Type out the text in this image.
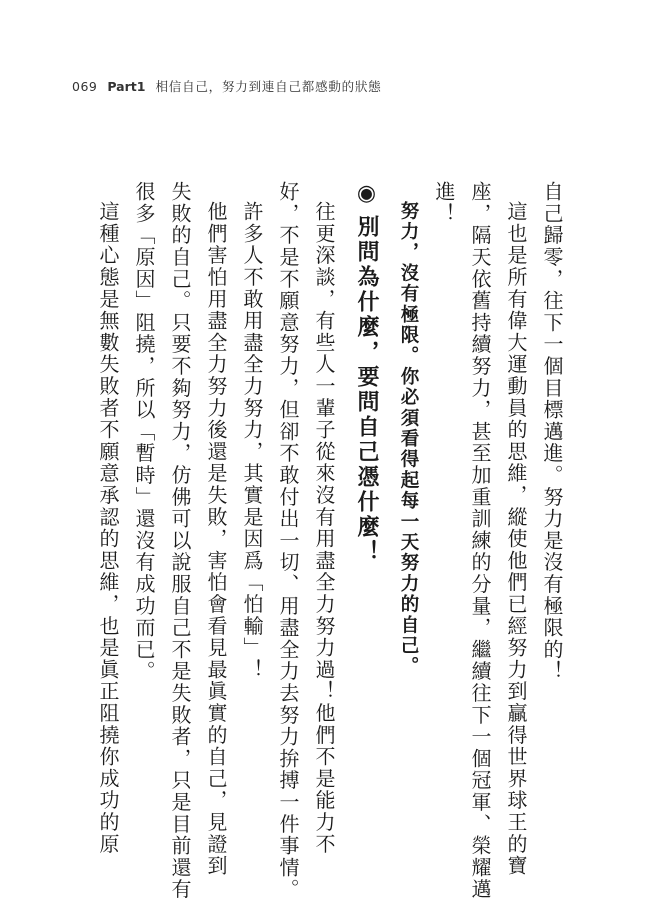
069 Part1 相信自己，努力到連自己都感動的狀態
自己歸零，往下一個目標邁進。努力是沒有極限的！
這也是所有偉大運動員的思維，縱使他們已經努力到贏得世界球王的寶
座，隔天依舊持續努力，甚至加重訓練的分量，繼續往下一個冠軍、榮耀邁
進！
努力，沒有極限。你必須看得起每一天努力的自己。
◉別問為什麼，要問自己憑什麼！
往更深談，有些人一輩子從來沒有用盡全力努力過！他們不是能力不
好，不是不願意努力，但卻不敢付出一切、用盡全力去努力拚搏一件事情。
許多人不敢用盡全力努力，其實是因爲「怕輸」！
他們害怕用盡全力努力後還是失敗，害怕會看見最眞實的自己，見證到
失敗的自己。只要不夠努力，仿佛可以說服自己不是失敗者，只是目前還有
很多「原因」阻撓，所以「暫時」還沒有成功而已。
這種心態是無數失敗者不願意承認的思維，也是眞正阻撓你成功的原
